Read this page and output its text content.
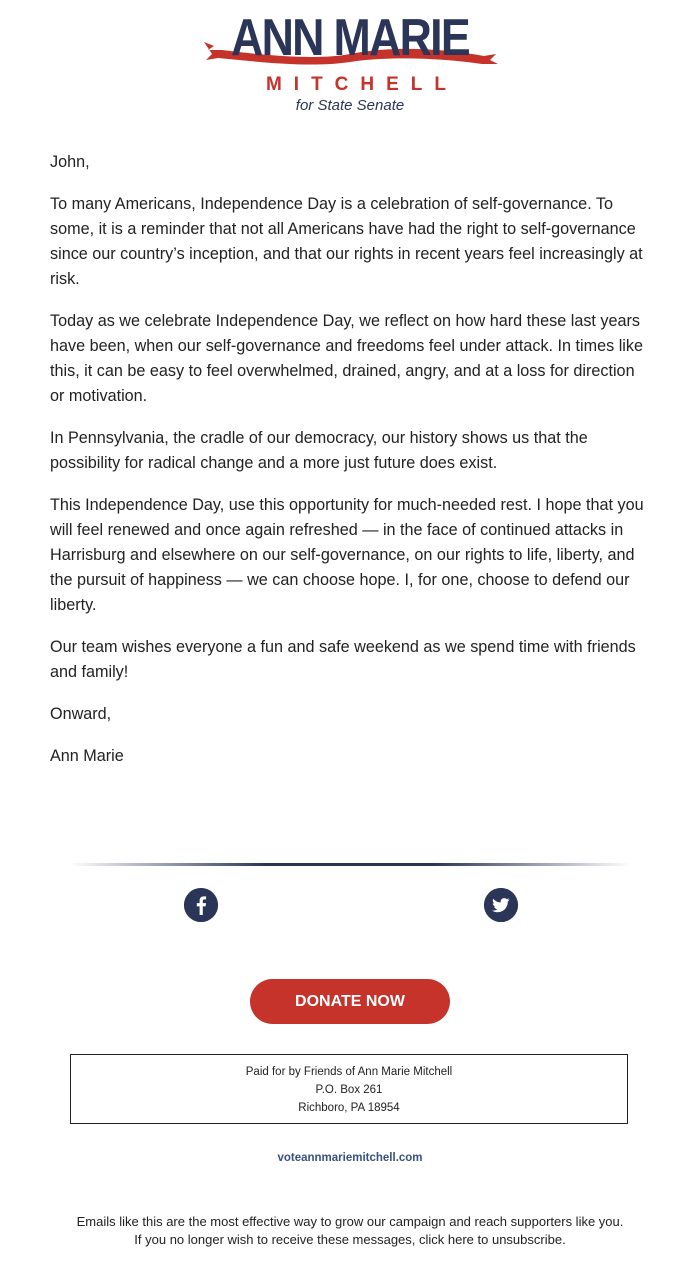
ANN MARIE
MITCHELL
for State Senate

John,

To many Americans, Independence Day is a celebration of self-governance. To some, it is a reminder that not all Americans have had the right to self-governance since our country’s inception, and that our rights in recent years feel increasingly at risk.

Today as we celebrate Independence Day, we reflect on how hard these last years have been, when our self-governance and freedoms feel under attack. In times like this, it can be easy to feel overwhelmed, drained, angry, and at a loss for direction or motivation.

In Pennsylvania, the cradle of our democracy, our history shows us that the possibility for radical change and a more just future does exist.

This Independence Day, use this opportunity for much-needed rest. I hope that you will feel renewed and once again refreshed — in the face of continued attacks in Harrisburg and elsewhere on our self-governance, on our rights to life, liberty, and the pursuit of happiness — we can choose hope. I, for one, choose to defend our liberty.

Our team wishes everyone a fun and safe weekend as we spend time with friends and family!

Onward,

Ann Marie

DONATE NOW
Paid for by Friends of Ann Marie Mitchell
P.O. Box 261
Richboro, PA 18954
voteannmariemitchell.com
Emails like this are the most effective way to grow our campaign and reach supporters like you.
If you no longer wish to receive these messages, click here to unsubscribe.
